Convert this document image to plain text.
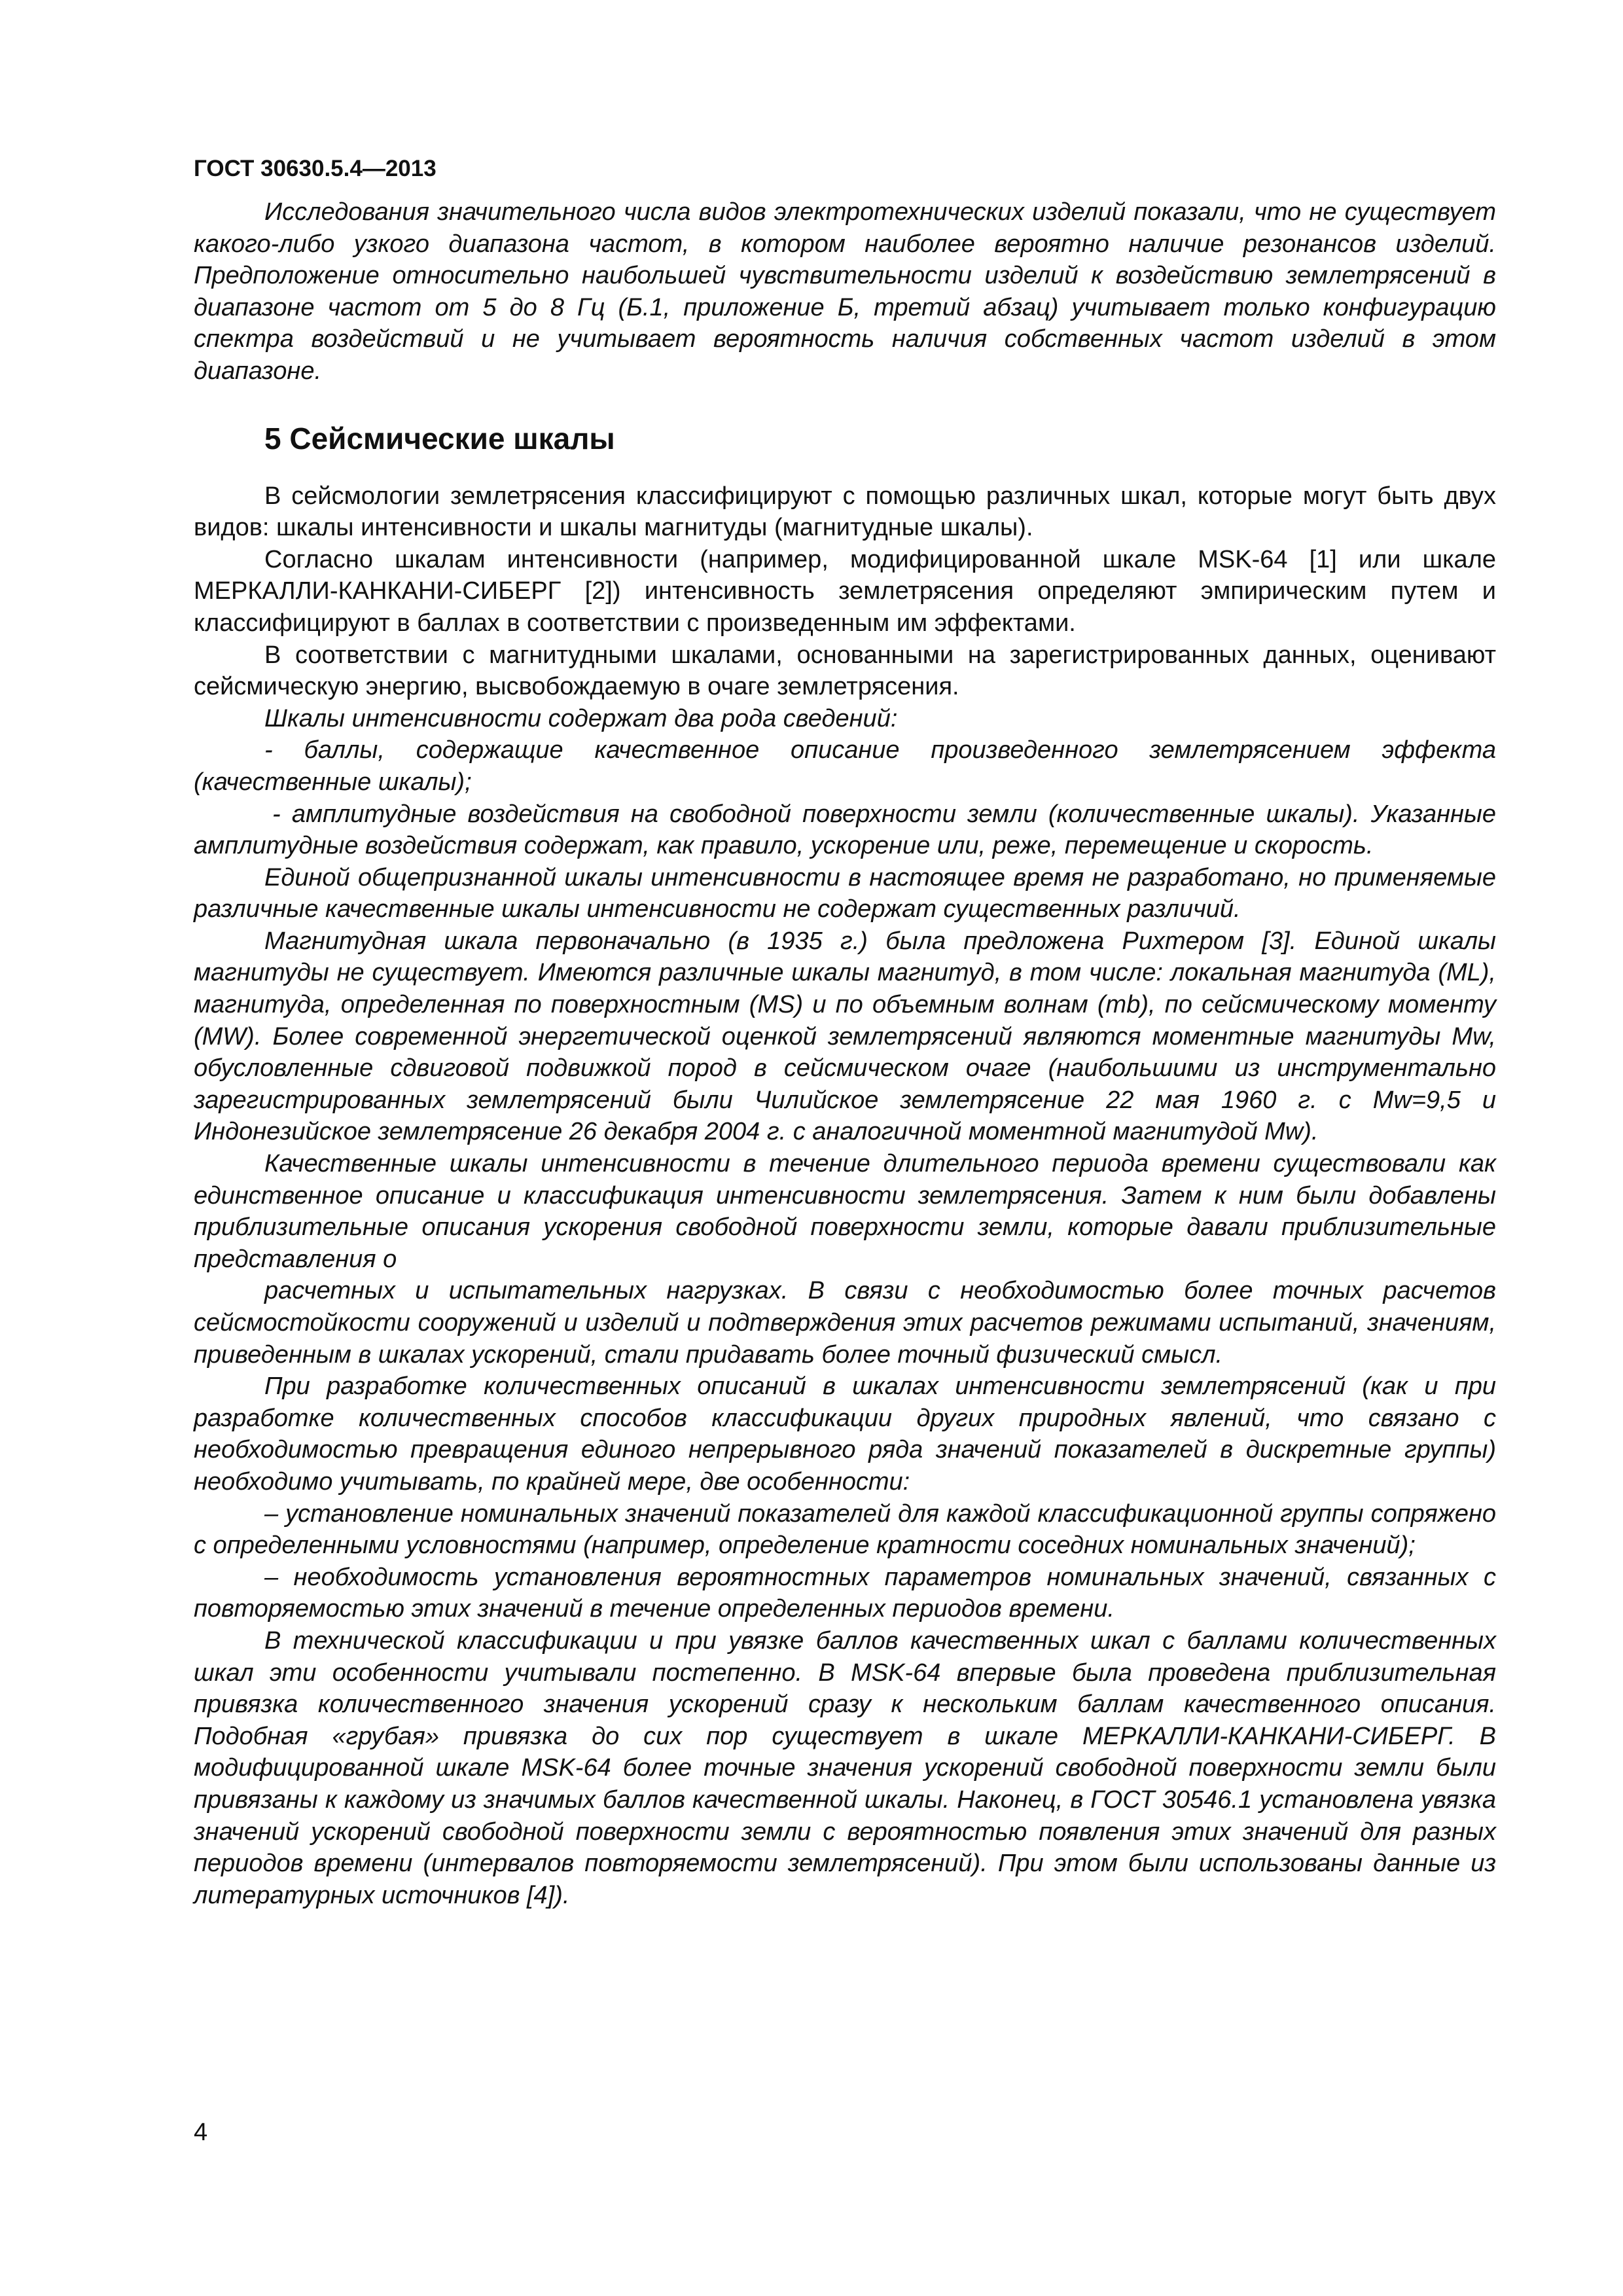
ГОСТ 30630.5.4—2013

Исследования значительного числа видов электротехнических изделий показали, что не существует какого-либо узкого диапазона частот, в котором наиболее вероятно наличие резонансов изделий. Предположение относительно наибольшей чувствительности изделий к воздействию землетрясений в диапазоне частот от 5 до 8 Гц (Б.1, приложение Б, третий абзац) учитывает только конфигурацию спектра воздействий и не учитывает вероятность наличия собственных частот изделий в этом диапазоне.

5 Сейсмические шкалы

В сейсмологии землетрясения классифицируют с помощью различных шкал, которые могут быть двух видов: шкалы интенсивности и шкалы магнитуды (магнитудные шкалы).

Согласно шкалам интенсивности (например, модифицированной шкале MSK-64 [1] или шкале МЕРКАЛЛИ-КАНКАНИ-СИБЕРГ [2]) интенсивность землетрясения определяют эмпирическим путем и классифицируют в баллах в соответствии с произведенным им эффектами.

В соответствии с магнитудными шкалами, основанными на зарегистрированных данных, оценивают сейсмическую энергию, высвобождаемую в очаге землетрясения.

Шкалы интенсивности содержат два рода сведений:

- баллы, содержащие качественное описание произведенного землетрясением эффекта (качественные шкалы);

- амплитудные воздействия на свободной поверхности земли (количественные шкалы). Указанные амплитудные воздействия содержат, как правило, ускорение или, реже, перемещение и скорость.

Единой общепризнанной шкалы интенсивности в настоящее время не разработано, но применяемые различные качественные шкалы интенсивности не содержат существенных различий.

Магнитудная шкала первоначально (в 1935 г.) была предложена Рихтером [3]. Единой шкалы магнитуды не существует. Имеются различные шкалы магнитуд, в том числе: локальная магнитуда (ML), магнитуда, определенная по поверхностным (MS) и по объемным волнам (mb), по сейсмическому моменту (MW). Более современной энергетической оценкой землетрясений являются моментные магнитуды Mw, обусловленные сдвиговой подвижкой пород в сейсмическом очаге (наибольшими из инструментально зарегистрированных землетрясений были Чилийское землетрясение 22 мая 1960 г. с Mw=9,5 и Индонезийское землетрясение 26 декабря 2004 г. с аналогичной моментной магнитудой Mw).

Качественные шкалы интенсивности в течение длительного периода времени существовали как единственное описание и классификация интенсивности землетрясения. Затем к ним были добавлены приблизительные описания ускорения свободной поверхности земли, которые давали приблизительные представления о

расчетных и испытательных нагрузках. В связи с необходимостью более точных расчетов сейсмостойкости сооружений и изделий и подтверждения этих расчетов режимами испытаний, значениям, приведенным в шкалах ускорений, стали придавать более точный физический смысл.

При разработке количественных описаний в шкалах интенсивности землетрясений (как и при разработке количественных способов классификации других природных явлений, что связано с необходимостью превращения единого непрерывного ряда значений показателей в дискретные группы) необходимо учитывать, по крайней мере, две особенности:

– установление номинальных значений показателей для каждой классификационной группы сопряжено с определенными условностями (например, определение кратности соседних номинальных значений);

– необходимость установления вероятностных параметров номинальных значений, связанных с повторяемостью этих значений в течение определенных периодов времени.

В технической классификации и при увязке баллов качественных шкал с баллами количественных шкал эти особенности учитывали постепенно. В MSK-64 впервые была проведена приблизительная привязка количественного значения ускорений сразу к нескольким баллам качественного описания. Подобная «грубая» привязка до сих пор существует в шкале МЕРКАЛЛИ-КАНКАНИ-СИБЕРГ. В модифицированной шкале MSK-64 более точные значения ускорений свободной поверхности земли были привязаны к каждому из значимых баллов качественной шкалы. Наконец, в ГОСТ 30546.1 установлена увязка значений ускорений свободной поверхности земли с вероятностью появления этих значений для разных периодов времени (интервалов повторяемости землетрясений). При этом были использованы данные из литературных источников [4]).

4
